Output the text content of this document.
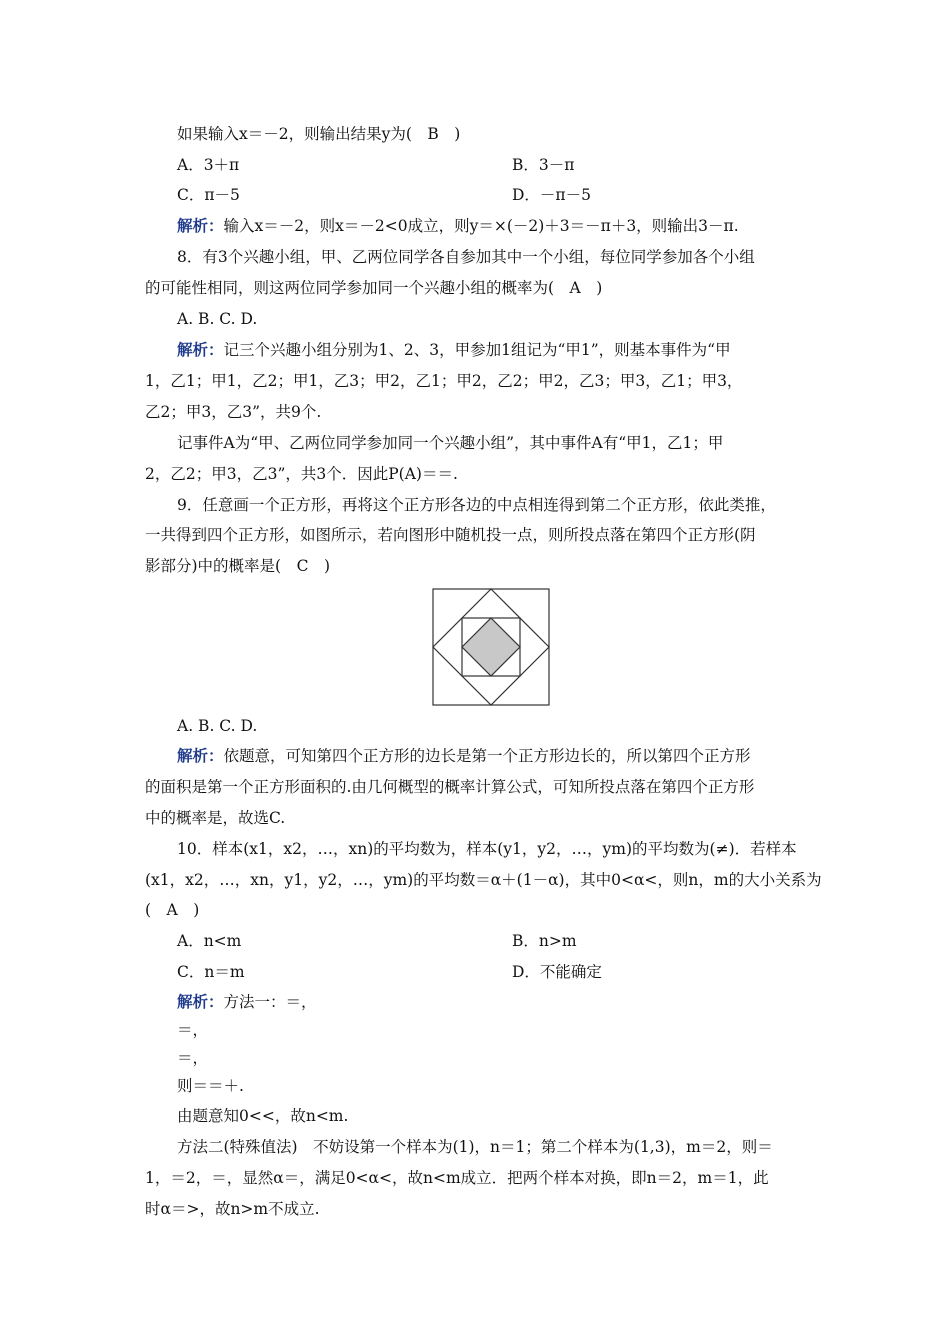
如果输入x＝－2，则输出结果y为(　B　)
A．3＋π	B．3－π
C．π－5	D．－π－5
解析：输入x＝－2，则x＝－2<0成立，则y＝×(－2)＋3＝－π＋3，则输出3－π.
8．有3个兴趣小组，甲、乙两位同学各自参加其中一个小组，每位同学参加各个小组
的可能性相同，则这两位同学参加同一个兴趣小组的概率为(　A　)
A. B. C. D.
解析：记三个兴趣小组分别为1、2、3，甲参加1组记为“甲1”，则基本事件为“甲
1，乙1；甲1，乙2；甲1，乙3；甲2，乙1；甲2，乙2；甲2，乙3；甲3，乙1；甲3，
乙2；甲3，乙3”，共9个.
记事件A为“甲、乙两位同学参加同一个兴趣小组”，其中事件A有“甲1，乙1；甲
2，乙2；甲3，乙3”，共3个．因此P(A)＝＝.
9．任意画一个正方形，再将这个正方形各边的中点相连得到第二个正方形，依此类推，
一共得到四个正方形，如图所示，若向图形中随机投一点，则所投点落在第四个正方形(阴
影部分)中的概率是(　C　)
A. B. C. D.
解析：依题意，可知第四个正方形的边长是第一个正方形边长的，所以第四个正方形
的面积是第一个正方形面积的.由几何概型的概率计算公式，可知所投点落在第四个正方形
中的概率是，故选C.
10．样本(x1，x2，…，xn)的平均数为，样本(y1，y2，…，ym)的平均数为(≠)．若样本
(x1，x2，…，xn，y1，y2，…，ym)的平均数＝α＋(1－α)，其中0<α<，则n，m的大小关系为
(　A　)
A．n<m	B．n>m
C．n＝m	D．不能确定
解析：方法一：＝，
＝，
＝，
则＝＝＋.
由题意知0<<，故n<m.
方法二(特殊值法)　不妨设第一个样本为(1)，n＝1；第二个样本为(1,3)，m＝2，则＝
1，＝2，＝，显然α＝，满足0<α<，故n<m成立．把两个样本对换，即n＝2，m＝1，此
时α＝>，故n>m不成立.
